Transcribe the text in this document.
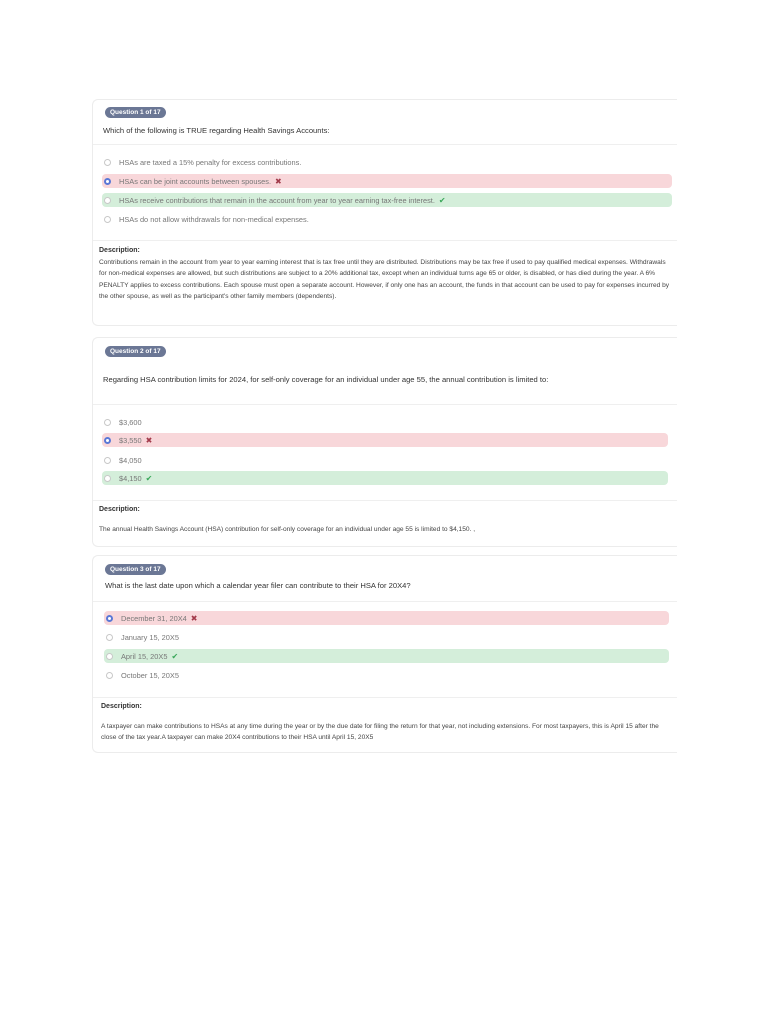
Question 1 of 17
Which of the following is TRUE regarding Health Savings Accounts:
HSAs are taxed a 15% penalty for excess contributions.
HSAs can be joint accounts between spouses. ✖
HSAs receive contributions that remain in the account from year to year earning tax-free interest. ✔
HSAs do not allow withdrawals for non-medical expenses.
Description:
Contributions remain in the account from year to year earning interest that is tax free until they are distributed. Distributions may be tax free if used to pay qualified medical expenses. Withdrawals for non-medical expenses are allowed, but such distributions are subject to a 20% additional tax, except when an individual turns age 65 or older, is disabled, or has died during the year. A 6% PENALTY applies to excess contributions. Each spouse must open a separate account. However, if only one has an account, the funds in that account can be used to pay for expenses incurred by the other spouse, as well as the participant's other family members (dependents).
Question 2 of 17
Regarding HSA contribution limits for 2024, for self-only coverage for an individual under age 55, the annual contribution is limited to:
$3,600
$3,550 ✖
$4,050
$4,150 ✔
Description:
The annual Health Savings Account (HSA) contribution for self-only coverage for an individual under age 55 is limited to $4,150. ,
Question 3 of 17
What is the last date upon which a calendar year filer can contribute to their HSA for 20X4?
December 31, 20X4 ✖
January 15, 20X5
April 15, 20X5 ✔
October 15, 20X5
Description:
A taxpayer can make contributions to HSAs at any time during the year or by the due date for filing the return for that year, not including extensions. For most taxpayers, this is April 15 after the close of the tax year.A taxpayer can make 20X4 contributions to their HSA until April 15, 20X5
